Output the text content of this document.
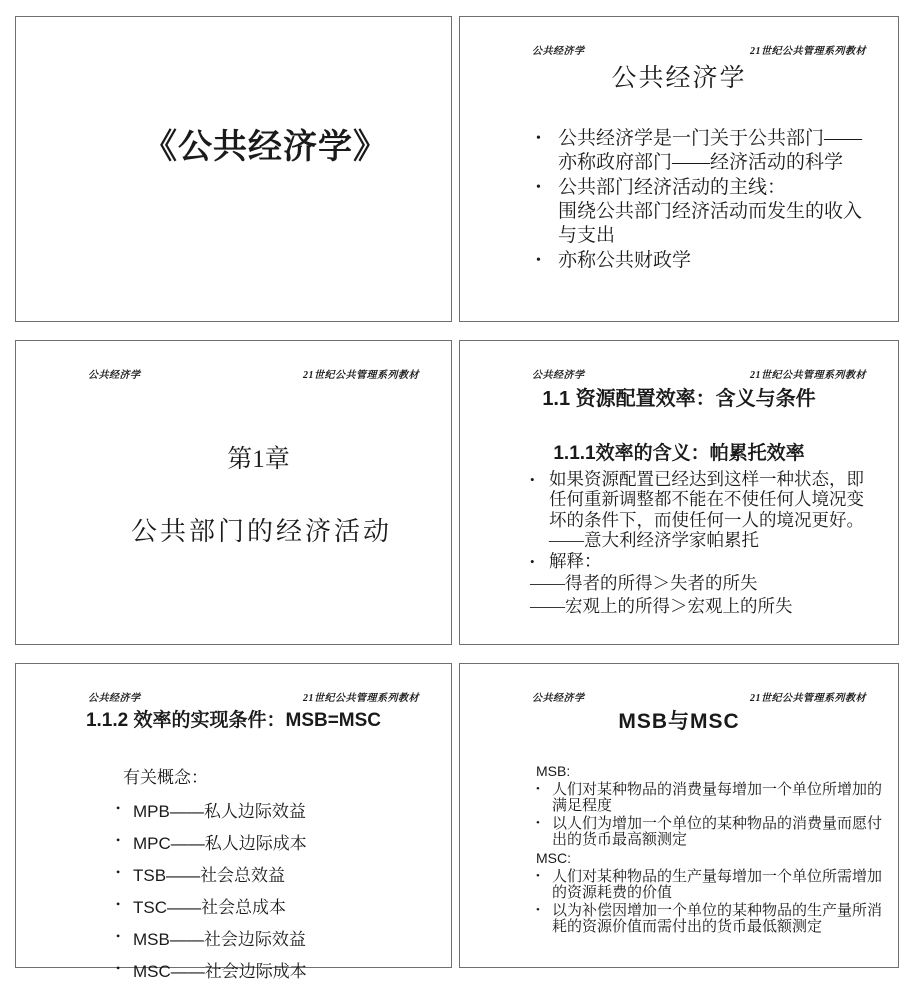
《公共经济学》
公共经济学	21世纪公共管理系列教材
公共经济学
• 公共经济学是一门关于公共部门——亦称政府部门——经济活动的科学
• 公共部门经济活动的主线：
围绕公共部门经济活动而发生的收入与支出
• 亦称公共财政学
公共经济学	21世纪公共管理系列教材
第1章
公共部门的经济活动
公共经济学	21世纪公共管理系列教材
1.1 资源配置效率：含义与条件
1.1.1效率的含义：帕累托效率
• 如果资源配置已经达到这样一种状态，即任何重新调整都不能在不使任何人境况变坏的条件下，而使任何一人的境况更好。——意大利经济学家帕累托
• 解释：
——得者的所得＞失者的所失
——宏观上的所得＞宏观上的所失
公共经济学	21世纪公共管理系列教材
1.1.2 效率的实现条件：MSB=MSC
有关概念：
• MPB——私人边际效益
• MPC——私人边际成本
• TSB——社会总效益
• TSC——社会总成本
• MSB——社会边际效益
• MSC——社会边际成本
公共经济学	21世纪公共管理系列教材
MSB与MSC
MSB:
• 人们对某种物品的消费量每增加一个单位所增加的满足程度
• 以人们为增加一个单位的某种物品的消费量而愿付出的货币最高额测定
MSC:
• 人们对某种物品的生产量每增加一个单位所需增加的资源耗费的价值
• 以为补偿因增加一个单位的某种物品的生产量所消耗的资源价值而需付出的货币最低额测定
